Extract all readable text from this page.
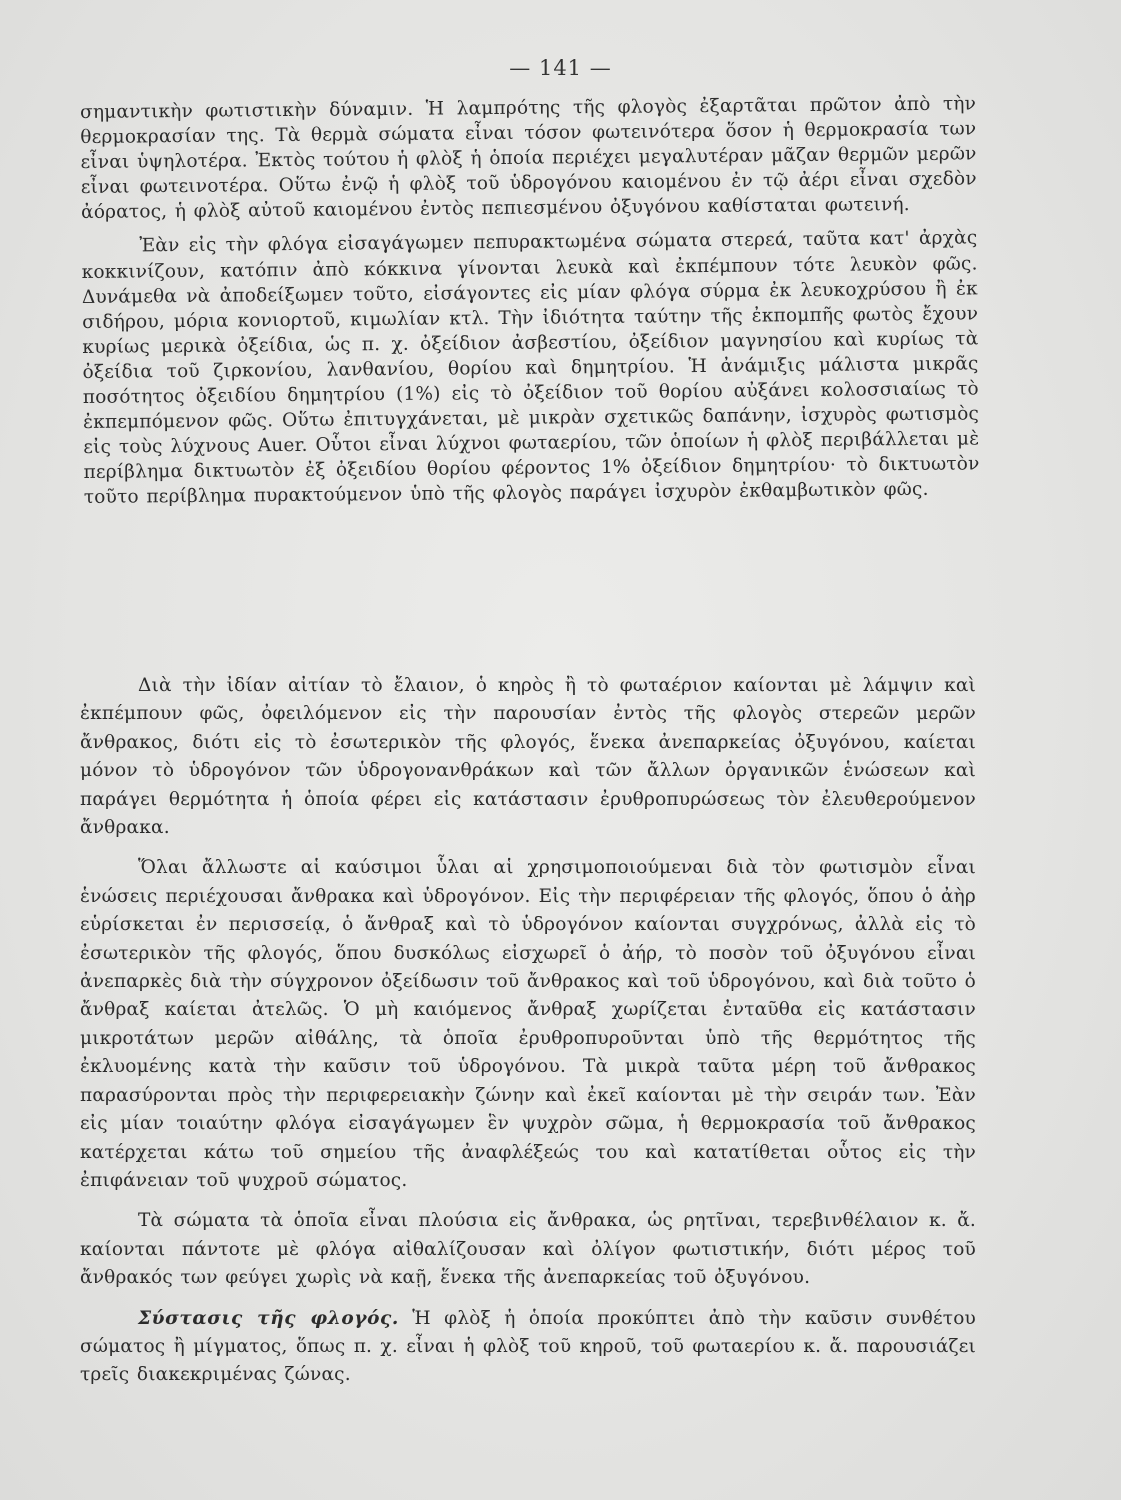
— 141 —

σημαντικὴν φωτιστικὴν δύναμιν. Ἡ λαμπρότης τῆς φλογὸς ἐξαρτᾶται πρῶτον ἀπὸ τὴν θερμοκρασίαν της. Τὰ θερμὰ σώματα εἶναι τόσον φωτεινότερα ὅσον ἡ θερμοκρασία των εἶναι ὑψηλοτέρα. Ἐκτὸς τούτου ἡ φλὸξ ἡ ὁποία περιέχει μεγαλυτέραν μᾶζαν θερμῶν μερῶν εἶναι φωτεινοτέρα. Οὕτω ἐνῷ ἡ φλὸξ τοῦ ὑδρογόνου καιομένου ἐν τῷ ἀέρι εἶναι σχεδὸν ἀόρατος, ἡ φλὸξ αὐτοῦ καιομένου ἐντὸς πεπιεσμένου ὀξυγόνου καθίσταται φωτεινή.

Ἐὰν εἰς τὴν φλόγα εἰσαγάγωμεν πεπυρακτωμένα σώματα στερεά, ταῦτα κατ' ἀρχὰς κοκκινίζουν, κατόπιν ἀπὸ κόκκινα γίνονται λευκὰ καὶ ἐκπέμπουν τότε λευκὸν φῶς. Δυνάμεθα νὰ ἀποδείξωμεν τοῦτο, εἰσάγοντες εἰς μίαν φλόγα σύρμα ἐκ λευκοχρύσου ἢ ἐκ σιδήρου, μόρια κονιορτοῦ, κιμωλίαν κτλ. Τὴν ἰδιότητα ταύτην τῆς ἐκπομπῆς φωτὸς ἔχουν κυρίως μερικὰ ὀξείδια, ὡς π. χ. ὀξείδιον ἀσβεστίου, ὀξείδιον μαγνησίου καὶ κυρίως τὰ ὀξείδια τοῦ ζιρκονίου, λανθανίου, θορίου καὶ δημητρίου. Ἡ ἀνάμιξις μάλιστα μικρᾶς ποσότητος ὀξειδίου δημητρίου (1%) εἰς τὸ ὀξείδιον τοῦ θορίου αὐξάνει κολοσσιαίως τὸ ἐκπεμπόμενον φῶς. Οὕτω ἐπιτυγχάνεται, μὲ μικρὰν σχετικῶς δαπάνην, ἰσχυρὸς φωτισμὸς εἰς τοὺς λύχνους Auer. Οὗτοι εἶναι λύχνοι φωταερίου, τῶν ὁποίων ἡ φλὸξ περιβάλλεται μὲ περίβλημα δικτυωτὸν ἐξ ὀξειδίου θορίου φέροντος 1% ὀξείδιον δημητρίου· τὸ δικτυωτὸν τοῦτο περίβλημα πυρακτούμενον ὑπὸ τῆς φλογὸς παράγει ἰσχυρὸν ἐκθαμβωτικὸν φῶς.

Διὰ τὴν ἰδίαν αἰτίαν τὸ ἔλαιον, ὁ κηρὸς ἢ τὸ φωταέριον καίονται μὲ λάμψιν καὶ ἐκπέμπουν φῶς, ὀφειλόμενον εἰς τὴν παρουσίαν ἐντὸς τῆς φλογὸς στερεῶν μερῶν ἄνθρακος, διότι εἰς τὸ ἐσωτερικὸν τῆς φλογός, ἕνεκα ἀνεπαρκείας ὀξυγόνου, καίεται μόνον τὸ ὑδρογόνον τῶν ὑδρογονανθράκων καὶ τῶν ἄλλων ὀργανικῶν ἑνώσεων καὶ παράγει θερμότητα ἡ ὁποία φέρει εἰς κατάστασιν ἐρυθροπυρώσεως τὸν ἐλευθερούμενον ἄνθρακα.

Ὅλαι ἄλλωστε αἱ καύσιμοι ὗλαι αἱ χρησιμοποιούμεναι διὰ τὸν φωτισμὸν εἶναι ἑνώσεις περιέχουσαι ἄνθρακα καὶ ὑδρογόνον. Εἰς τὴν περιφέρειαν τῆς φλογός, ὅπου ὁ ἀὴρ εὑρίσκεται ἐν περισσείᾳ, ὁ ἄνθραξ καὶ τὸ ὑδρογόνον καίονται συγχρόνως, ἀλλὰ εἰς τὸ ἐσωτερικὸν τῆς φλογός, ὅπου δυσκόλως εἰσχωρεῖ ὁ ἀήρ, τὸ ποσὸν τοῦ ὀξυγόνου εἶναι ἀνεπαρκὲς διὰ τὴν σύγχρονον ὀξείδωσιν τοῦ ἄνθρακος καὶ τοῦ ὑδρογόνου, καὶ διὰ τοῦτο ὁ ἄνθραξ καίεται ἀτελῶς. Ὁ μὴ καιόμενος ἄνθραξ χωρίζεται ἐνταῦθα εἰς κατάστασιν μικροτάτων μερῶν αἰθάλης, τὰ ὁποῖα ἐρυθροπυροῦνται ὑπὸ τῆς θερμότητος τῆς ἐκλυομένης κατὰ τὴν καῦσιν τοῦ ὑδρογόνου. Τὰ μικρὰ ταῦτα μέρη τοῦ ἄνθρακος παρασύρονται πρὸς τὴν περιφερειακὴν ζώνην καὶ ἐκεῖ καίονται μὲ τὴν σειράν των. Ἐὰν εἰς μίαν τοιαύτην φλόγα εἰσαγάγωμεν ἓν ψυχρὸν σῶμα, ἡ θερμοκρασία τοῦ ἄνθρακος κατέρχεται κάτω τοῦ σημείου τῆς ἀναφλέξεώς του καὶ κατατίθεται οὗτος εἰς τὴν ἐπιφάνειαν τοῦ ψυχροῦ σώματος.

Τὰ σώματα τὰ ὁποῖα εἶναι πλούσια εἰς ἄνθρακα, ὡς ρητῖναι, τερεβινθέλαιον κ. ἄ. καίονται πάντοτε μὲ φλόγα αἰθαλίζουσαν καὶ ὀλίγον φωτιστικήν, διότι μέρος τοῦ ἄνθρακός των φεύγει χωρὶς νὰ καῇ, ἕνεκα τῆς ἀνεπαρκείας τοῦ ὀξυγόνου.

Σύστασις τῆς φλογός. Ἡ φλὸξ ἡ ὁποία προκύπτει ἀπὸ τὴν καῦσιν συνθέτου σώματος ἢ μίγματος, ὅπως π. χ. εἶναι ἡ φλὸξ τοῦ κηροῦ, τοῦ φωταερίου κ. ἄ. παρουσιάζει τρεῖς διακεκριμένας ζώνας.
